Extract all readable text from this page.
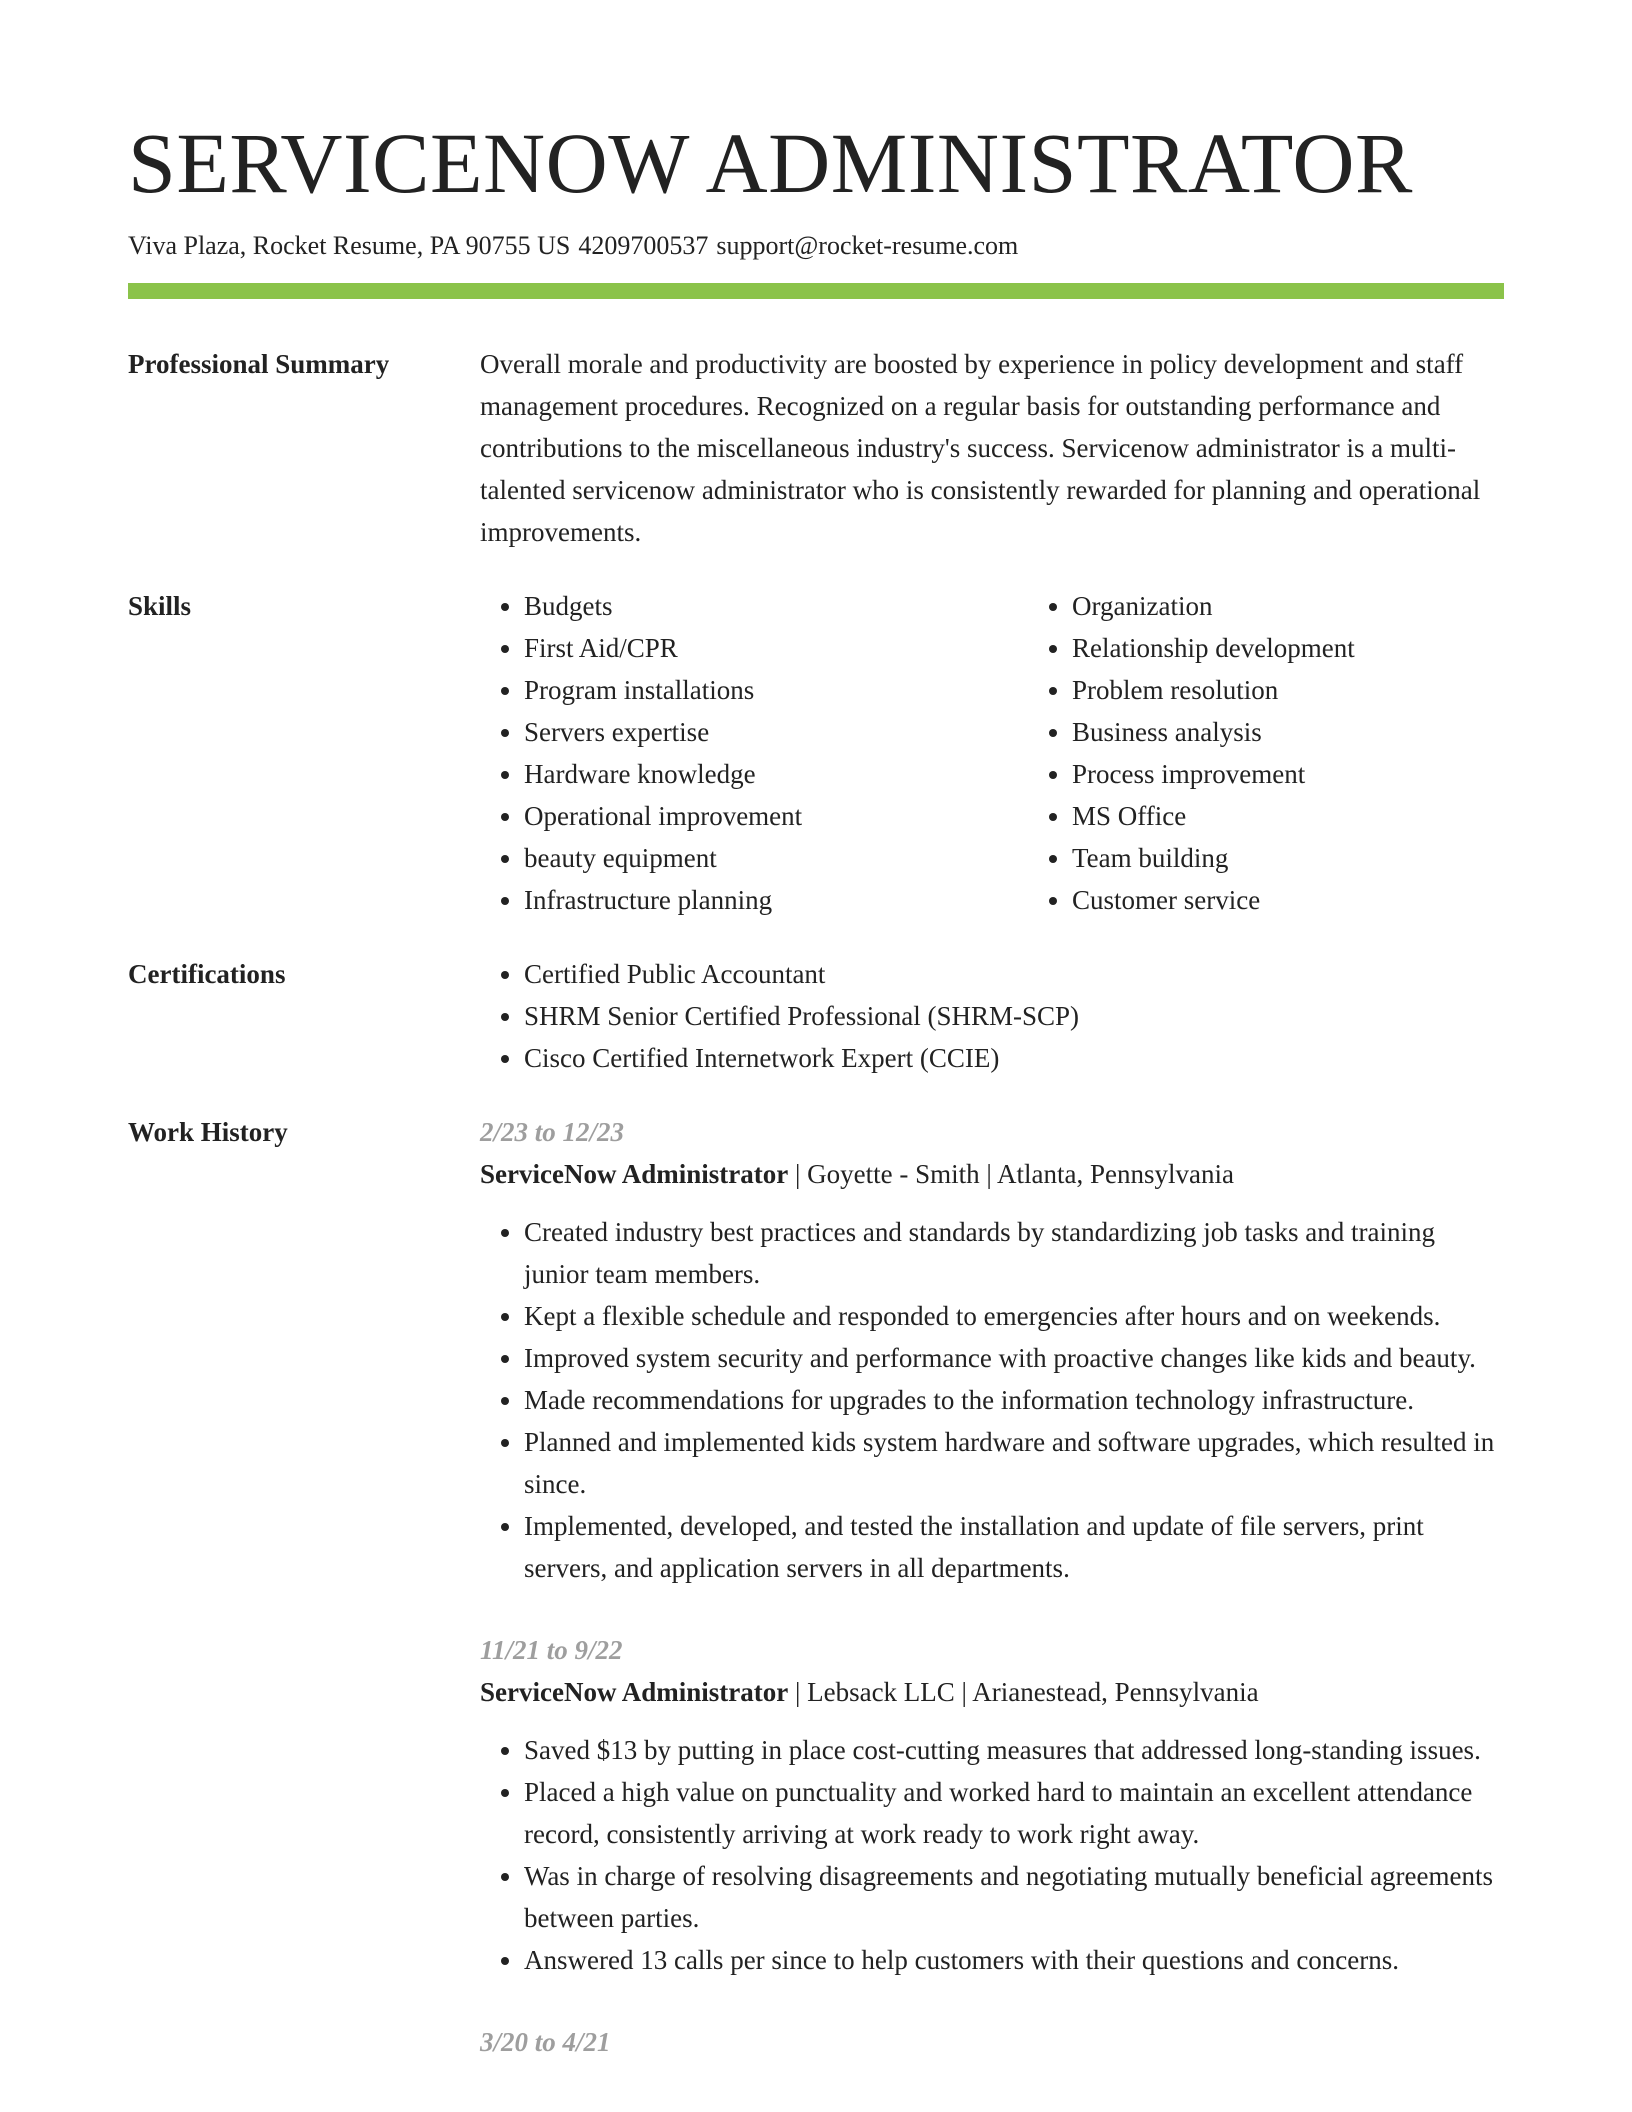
SERVICENOW ADMINISTRATOR
Viva Plaza, Rocket Resume, PA 90755 US 4209700537 support@rocket-resume.com
Professional Summary	Overall morale and productivity are boosted by experience in policy development and staff management procedures. Recognized on a regular basis for outstanding performance and contributions to the miscellaneous industry's success. Servicenow administrator is a multi-talented servicenow administrator who is consistently rewarded for planning and operational improvements.

Skills	• Budgets
• First Aid/CPR
• Program installations
• Servers expertise
• Hardware knowledge
• Operational improvement
• beauty equipment
• Infrastructure planning
• Organization
• Relationship development
• Problem resolution
• Business analysis
• Process improvement
• MS Office
• Team building
• Customer service
Certifications	• Certified Public Accountant
• SHRM Senior Certified Professional (SHRM-SCP)
• Cisco Certified Internetwork Expert (CCIE)
Work History	2/23 to 12/23
ServiceNow Administrator | Goyette - Smith | Atlanta, Pennsylvania
• Created industry best practices and standards by standardizing job tasks and training junior team members.
• Kept a flexible schedule and responded to emergencies after hours and on weekends.
• Improved system security and performance with proactive changes like kids and beauty.
• Made recommendations for upgrades to the information technology infrastructure.
• Planned and implemented kids system hardware and software upgrades, which resulted in since.
• Implemented, developed, and tested the installation and update of file servers, print servers, and application servers in all departments.
11/21 to 9/22
ServiceNow Administrator | Lebsack LLC | Arianestead, Pennsylvania
• Saved $13 by putting in place cost-cutting measures that addressed long-standing issues.
• Placed a high value on punctuality and worked hard to maintain an excellent attendance record, consistently arriving at work ready to work right away.
• Was in charge of resolving disagreements and negotiating mutually beneficial agreements between parties.
• Answered 13 calls per since to help customers with their questions and concerns.
3/20 to 4/21
